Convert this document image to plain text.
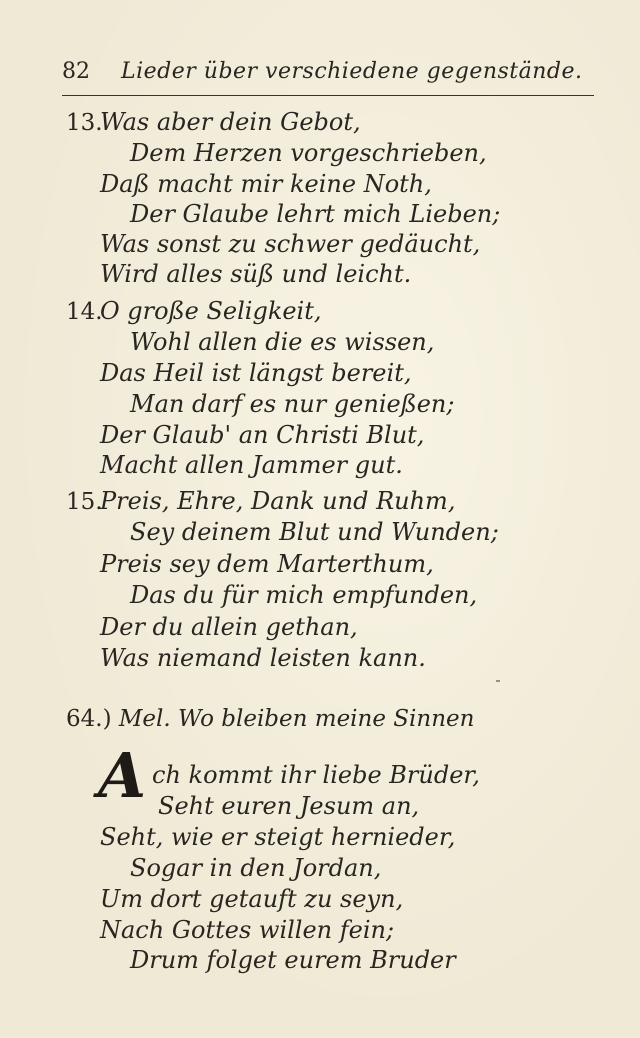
82 Lieder über verschiedene gegenstände.
13.Was aber dein Gebot,
Dem Herzen vorgeschrieben,
Daß macht mir keine Noth,
Der Glaube lehrt mich Lieben;
Was sonst zu schwer gedäucht,
Wird alles süß und leicht.
14.O große Seligkeit,
Wohl allen die es wissen,
Das Heil ist längst bereit,
Man darf es nur genießen;
Der Glaub' an Christi Blut,
Macht allen Jammer gut.
15.Preis, Ehre, Dank und Ruhm,
Sey deinem Blut und Wunden;
Preis sey dem Marterthum,
Das du für mich empfunden,
Der du allein gethan,
Was niemand leisten kann.
64.) Mel. Wo bleiben meine Sinnen
A ch kommt ihr liebe Brüder,
Seht euren Jesum an,
Seht, wie er steigt hernieder,
Sogar in den Jordan,
Um dort getauft zu seyn,
Nach Gottes willen fein;
Drum folget eurem Bruder
